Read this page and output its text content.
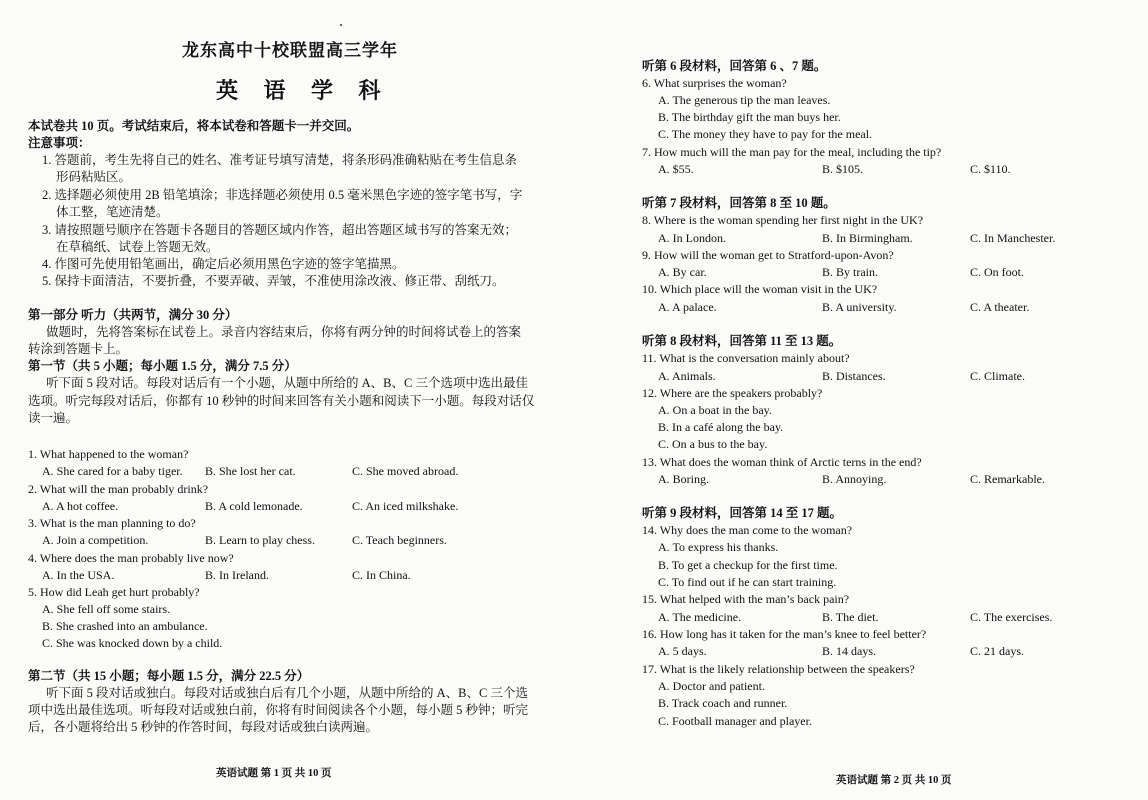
龙东高中十校联盟高三学年
英 语 学 科
本试卷共 10 页。考试结束后，将本试卷和答题卡一并交回。
注意事项：
1. 答题前，考生先将自己的姓名、准考证号填写清楚，将条形码准确粘贴在考生信息条
形码粘贴区。
2. 选择题必须使用 2B 铅笔填涂；非选择题必须使用 0.5 毫米黑色字迹的签字笔书写，字
体工整，笔迹清楚。
3. 请按照题号顺序在答题卡各题目的答题区域内作答，超出答题区域书写的答案无效；
在草稿纸、试卷上答题无效。
4. 作图可先使用铅笔画出，确定后必须用黑色字迹的签字笔描黑。
5. 保持卡面清洁，不要折叠，不要弄破、弄皱，不准使用涂改液、修正带、刮纸刀。
第一部分 听力（共两节，满分 30 分）
做题时，先将答案标在试卷上。录音内容结束后，你将有两分钟的时间将试卷上的答案
转涂到答题卡上。
第一节（共 5 小题；每小题 1.5 分，满分 7.5 分）
听下面 5 段对话。每段对话后有一个小题，从题中所给的 A、B、C 三个选项中选出最佳
选项。听完每段对话后，你都有 10 秒钟的时间来回答有关小题和阅读下一小题。每段对话仅
读一遍。
1. What happened to the woman?
A. She cared for a baby tiger. B. She lost her cat.	C. She moved abroad.
2. What will the man probably drink?
A. A hot coffee.	B. A cold lemonade.	C. An iced milkshake.
3. What is the man planning to do?
A. Join a competition.	B. Learn to play chess.	C. Teach beginners.
4. Where does the man probably live now?
A. In the USA.	B. In Ireland.	C. In China.
5. How did Leah get hurt probably?
A. She fell off some stairs.
B. She crashed into an ambulance.
C. She was knocked down by a child.
第二节（共 15 小题；每小题 1.5 分，满分 22.5 分）
听下面 5 段对话或独白。每段对话或独白后有几个小题，从题中所给的 A、B、C 三个选
项中选出最佳选项。听每段对话或独白前，你将有时间阅读各个小题，每小题 5 秒钟；听完
后，各小题将给出 5 秒钟的作答时间，每段对话或独白读两遍。
英语试题 第 1 页 共 10 页
听第 6 段材料，回答第 6 、7 题。
6. What surprises the woman?
A. The generous tip the man leaves.
B. The birthday gift the man buys her.
C. The money they have to pay for the meal.
7. How much will the man pay for the meal, including the tip?
A. $55.	B. $105.	C. $110.
听第 7 段材料，回答第 8 至 10 题。
8. Where is the woman spending her first night in the UK?
A. In London.	B. In Birmingham.	C. In Manchester.
9. How will the woman get to Stratford-upon-Avon?
A. By car.	B. By train.	C. On foot.
10. Which place will the woman visit in the UK?
A. A palace.	B. A university.	C. A theater.
听第 8 段材料，回答第 11 至 13 题。
11. What is the conversation mainly about?
A. Animals.	B. Distances.	C. Climate.
12. Where are the speakers probably?
A. On a boat in the bay.
B. In a café along the bay.
C. On a bus to the bay.
13. What does the woman think of Arctic terns in the end?
A. Boring.	B. Annoying.	C. Remarkable.
听第 9 段材料，回答第 14 至 17 题。
14. Why does the man come to the woman?
A. To express his thanks.
B. To get a checkup for the first time.
C. To find out if he can start training.
15. What helped with the man’s back pain?
A. The medicine.	B. The diet.	C. The exercises.
16. How long has it taken for the man’s knee to feel better?
A. 5 days.	B. 14 days.	C. 21 days.
17. What is the likely relationship between the speakers?
A. Doctor and patient.
B. Track coach and runner.
C. Football manager and player.
英语试题 第 2 页 共 10 页
